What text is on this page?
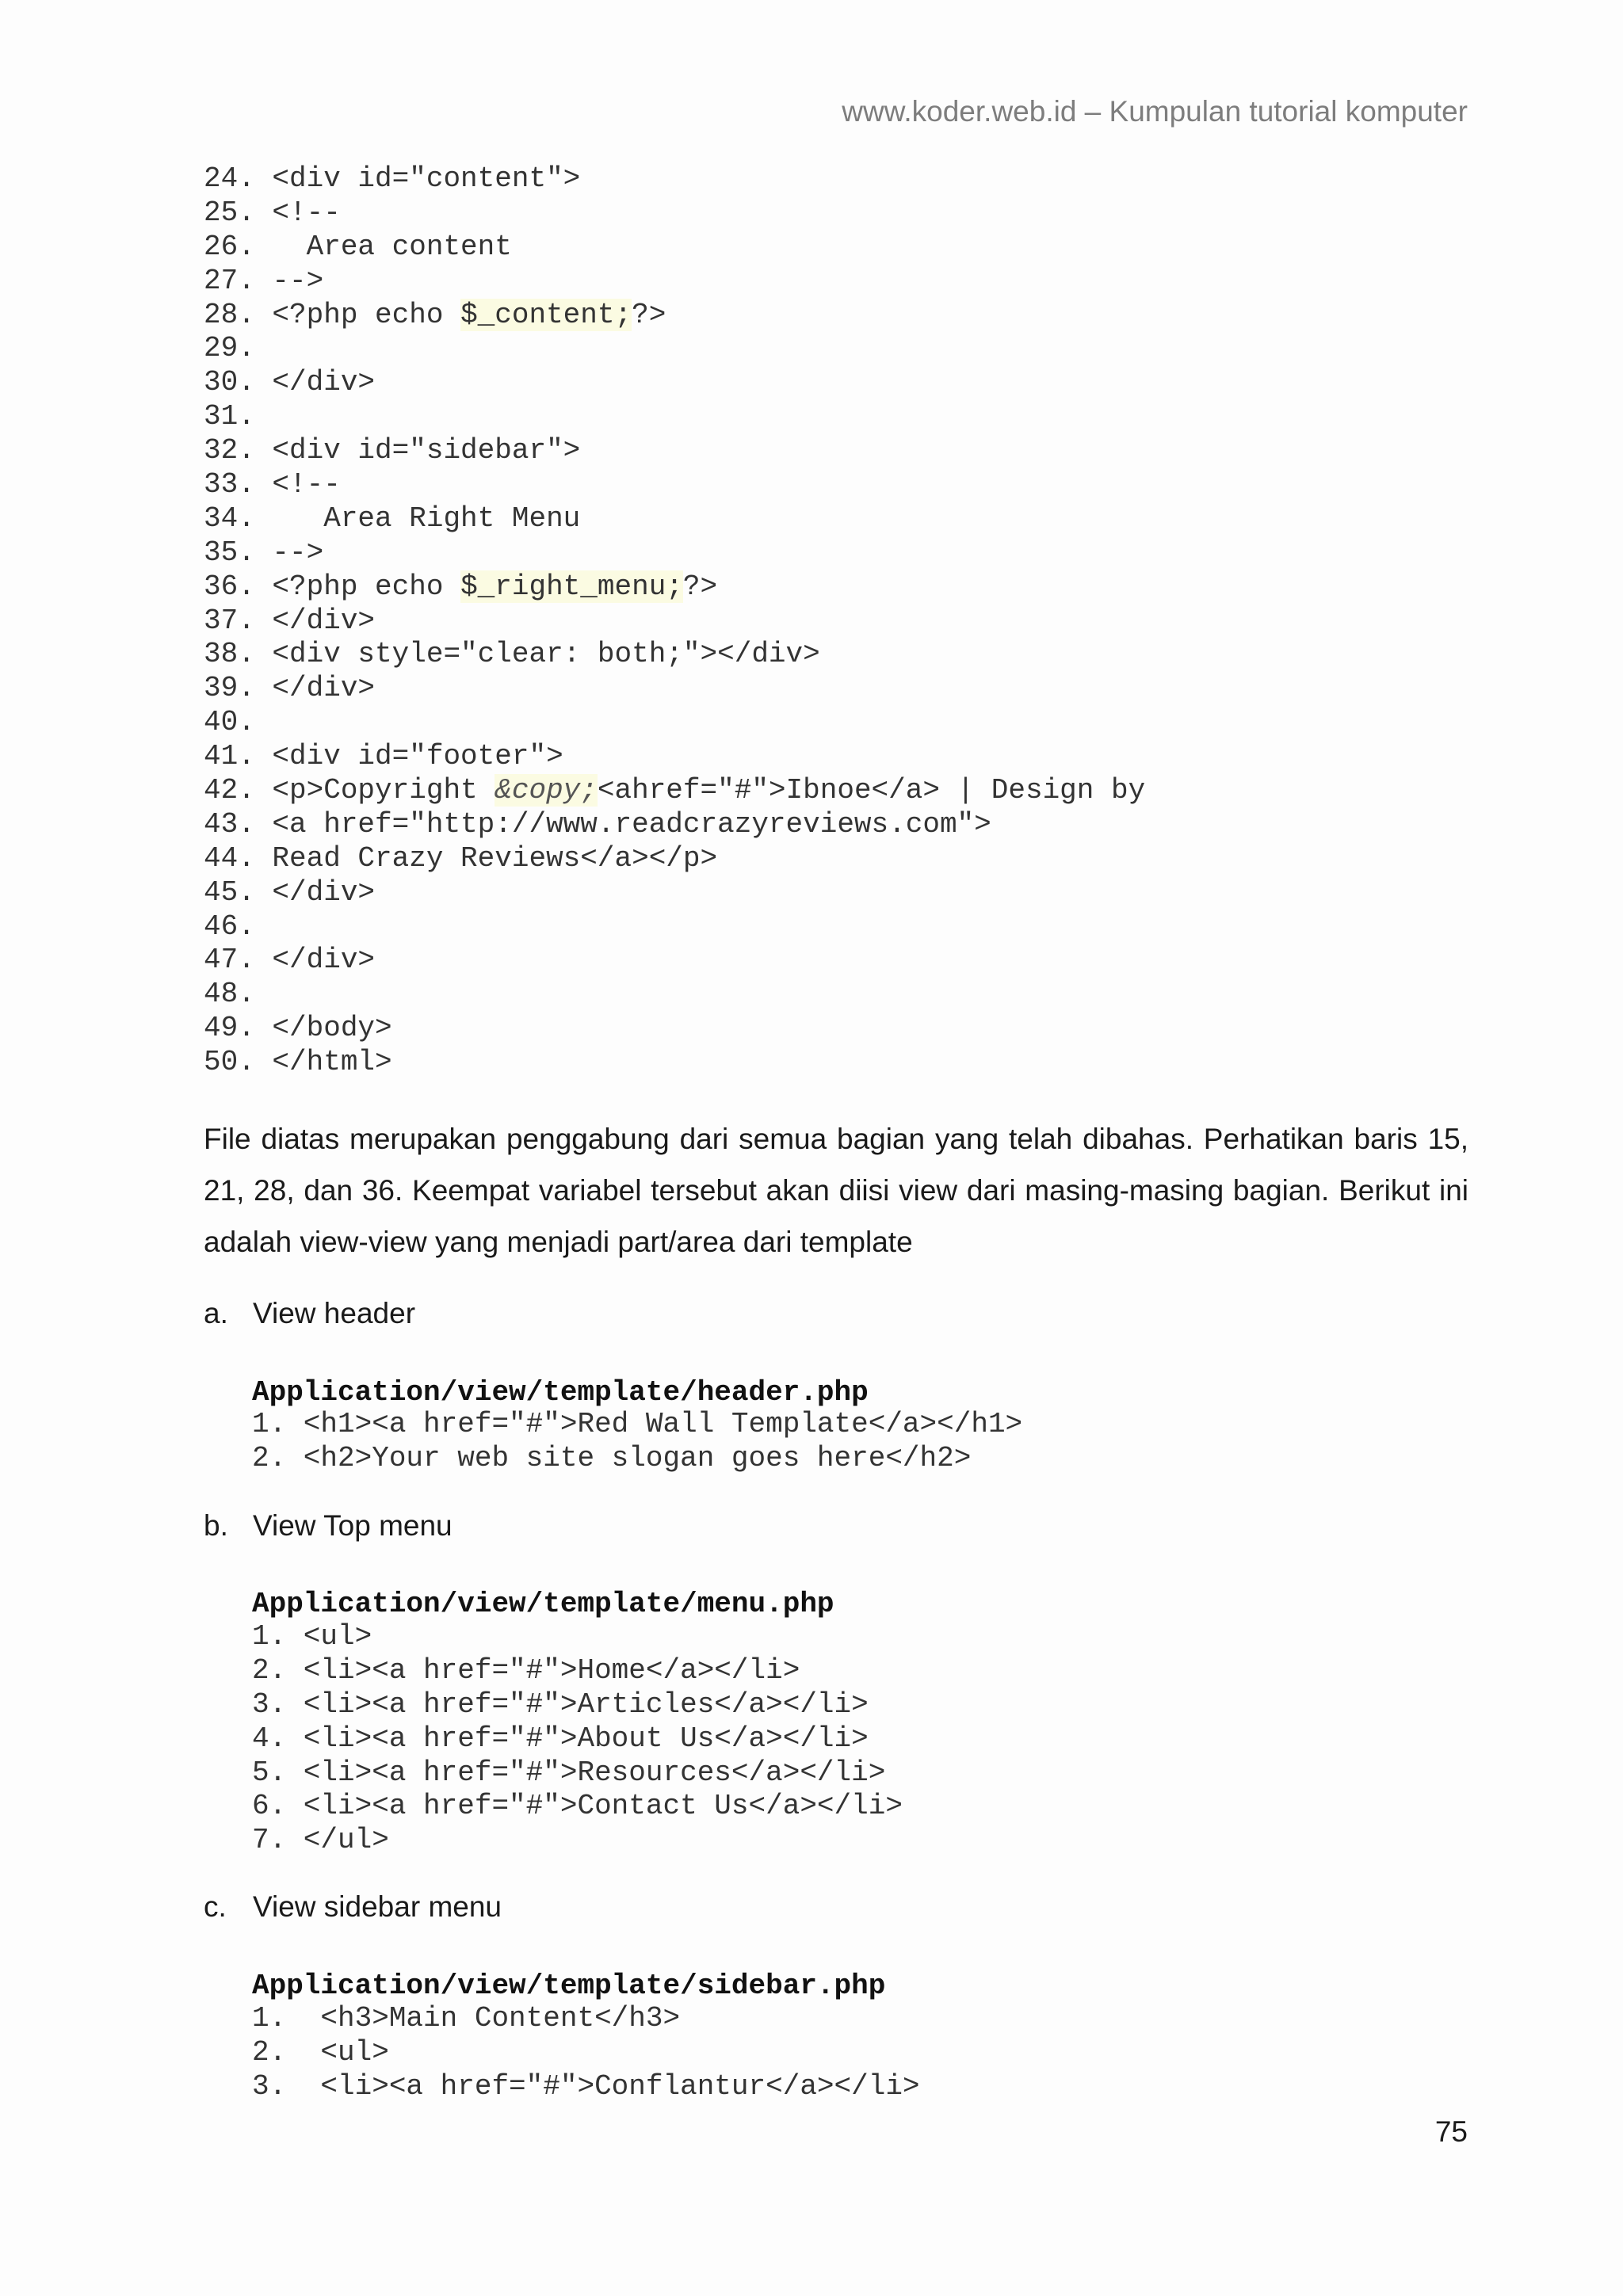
www.koder.web.id – Kumpulan tutorial komputer
24. <div id="content">
25. <!--
26.   Area content
27. -->
28. <?php echo $_content;?>
29.
30. </div>
31.
32. <div id="sidebar">
33. <!--
34.    Area Right Menu
35. -->
36. <?php echo $_right_menu;?>
37. </div>
38. <div style="clear: both;"></div>
39. </div>
40.
41. <div id="footer">
42. <p>Copyright &copy;<ahref="#">Ibnoe</a> | Design by
43. <a href="http://www.readcrazyreviews.com">
44. Read Crazy Reviews</a></p>
45. </div>
46.
47. </div>
48.
49. </body>
50. </html>
File diatas merupakan penggabung dari semua bagian yang telah dibahas. Perhatikan baris 15, 21, 28, dan 36. Keempat variabel tersebut akan diisi view dari masing-masing bagian. Berikut ini adalah view-view yang menjadi part/area dari template
a. View header
Application/view/template/header.php
1. <h1><a href="#">Red Wall Template</a></h1>
2. <h2>Your web site slogan goes here</h2>
b. View Top menu
Application/view/template/menu.php
1. <ul>
2. <li><a href="#">Home</a></li>
3. <li><a href="#">Articles</a></li>
4. <li><a href="#">About Us</a></li>
5. <li><a href="#">Resources</a></li>
6. <li><a href="#">Contact Us</a></li>
7. </ul>
c. View sidebar menu
Application/view/template/sidebar.php
1.  <h3>Main Content</h3>
2.  <ul>
3.  <li><a href="#">Conflantur</a></li>
75
